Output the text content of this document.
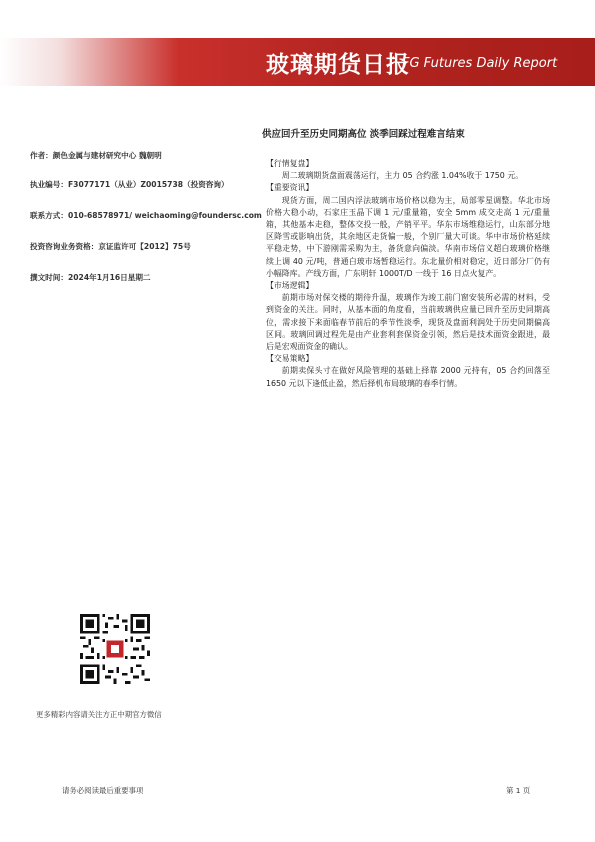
玻璃期货日报
FG Futures Daily Report
供应回升至历史同期高位 淡季回踩过程难言结束
作者：颜色金属与建材研究中心 魏朝明
执业编号：F3077171（从业）Z0015738（投资咨询）
联系方式：010-68578971/ weichaoming@foundersc.com
投资咨询业务资格：京证监许可【2012】75号
撰文时间：2024年1月16日星期二
【行情复盘】

周二玻璃期货盘面震荡运行，主力 05 合约涨 1.04%收于 1750 元。

【重要资讯】

现货方面，周二国内浮法玻璃市场价格以稳为主，局部零星调整。华北市场价格大稳小动，石家庄玉晶下调 1 元/重量箱，安全 5mm 成交走高 1 元/重量箱，其他基本走稳，整体交投一般，产销平平。华东市场维稳运行，山东部分地区降雪或影响出货，其余地区走货偏一般，个别厂量大可谈。华中市场价格延续平稳走势，中下游刚需采购为主，备货意向偏淡。华南市场信义超白玻璃价格继续上调 40 元/吨，普通白玻市场暂稳运行。东北量价相对稳定，近日部分厂仍有小幅降库。产线方面，广东明轩 1000T/D 一线于 16 日点火复产。

【市场逻辑】

前期市场对保交楼的期待升温，玻璃作为竣工前门窗安装所必需的材料，受到资金的关注。同时，从基本面的角度看，当前玻璃供应量已回升至历史同期高位，需求接下来面临春节前后的季节性淡季，现货及盘面利润处于历史同期偏高区间。玻璃回调过程先是由产业套利套保资金引领，然后是技术面资金跟进，最后是宏观面资金的确认。

【交易策略】

前期卖保头寸在做好风险管理的基础上择靠 2000 元持有，05 合约回落至 1650 元以下逢低止盈，然后择机布局玻璃的春季行情。

更多精彩内容请关注方正中期官方微信
请务必阅读最后重要事项	第 1 页
